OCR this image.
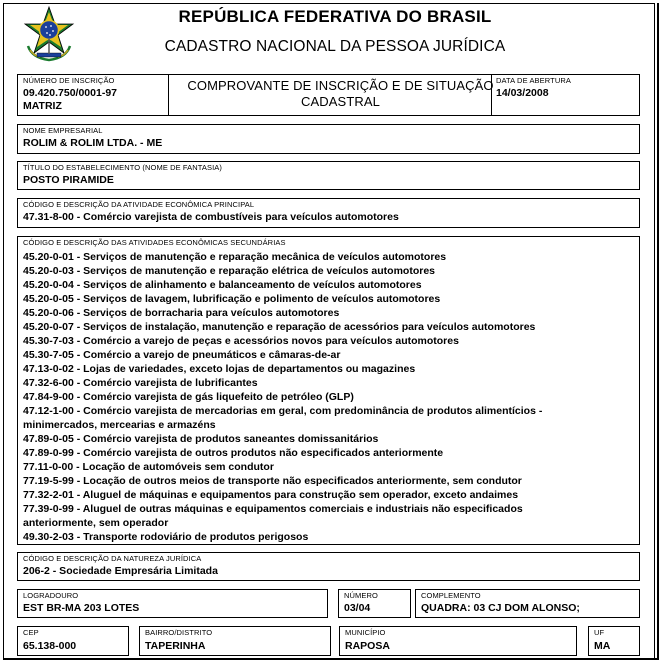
REPÚBLICA FEDERATIVA DO BRASIL
CADASTRO NACIONAL DA PESSOA JURÍDICA
NÚMERO DE INSCRIÇÃO
09.420.750/0001-97
MATRIZ
COMPROVANTE DE INSCRIÇÃO E DE SITUAÇÃO
CADASTRAL
DATA DE ABERTURA
14/03/2008
NOME EMPRESARIAL
ROLIM & ROLIM LTDA. - ME
TÍTULO DO ESTABELECIMENTO (NOME DE FANTASIA)
POSTO PIRAMIDE
CÓDIGO E DESCRIÇÃO DA ATIVIDADE ECONÔMICA PRINCIPAL
47.31-8-00 - Comércio varejista de combustíveis para veículos automotores
CÓDIGO E DESCRIÇÃO DAS ATIVIDADES ECONÔMICAS SECUNDÁRIAS
45.20-0-01 - Serviços de manutenção e reparação mecânica de veículos automotores
45.20-0-03 - Serviços de manutenção e reparação elétrica de veículos automotores
45.20-0-04 - Serviços de alinhamento e balanceamento de veículos automotores
45.20-0-05 - Serviços de lavagem, lubrificação e polimento de veículos automotores
45.20-0-06 - Serviços de borracharia para veículos automotores
45.20-0-07 - Serviços de instalação, manutenção e reparação de acessórios para veículos automotores
45.30-7-03 - Comércio a varejo de peças e acessórios novos para veículos automotores
45.30-7-05 - Comércio a varejo de pneumáticos e câmaras-de-ar
47.13-0-02 - Lojas de variedades, exceto lojas de departamentos ou magazines
47.32-6-00 - Comércio varejista de lubrificantes
47.84-9-00 - Comércio varejista de gás liquefeito de petróleo (GLP)
47.12-1-00 - Comércio varejista de mercadorias em geral, com predominância de produtos alimentícios -
minimercados, mercearias e armazéns
47.89-0-05 - Comércio varejista de produtos saneantes domissanitários
47.89-0-99 - Comércio varejista de outros produtos não especificados anteriormente
77.11-0-00 - Locação de automóveis sem condutor
77.19-5-99 - Locação de outros meios de transporte não especificados anteriormente, sem condutor
77.32-2-01 - Aluguel de máquinas e equipamentos para construção sem operador, exceto andaimes
77.39-0-99 - Aluguel de outras máquinas e equipamentos comerciais e industriais não especificados
anteriormente, sem operador
49.30-2-03 - Transporte rodoviário de produtos perigosos
CÓDIGO E DESCRIÇÃO DA NATUREZA JURÍDICA
206-2 - Sociedade Empresária Limitada
LOGRADOURO
EST BR-MA 203 LOTES
NÚMERO
03/04
COMPLEMENTO
QUADRA: 03 CJ DOM ALONSO;
CEP
65.138-000
BAIRRO/DISTRITO
TAPERINHA
MUNICÍPIO
RAPOSA
UF
MA
